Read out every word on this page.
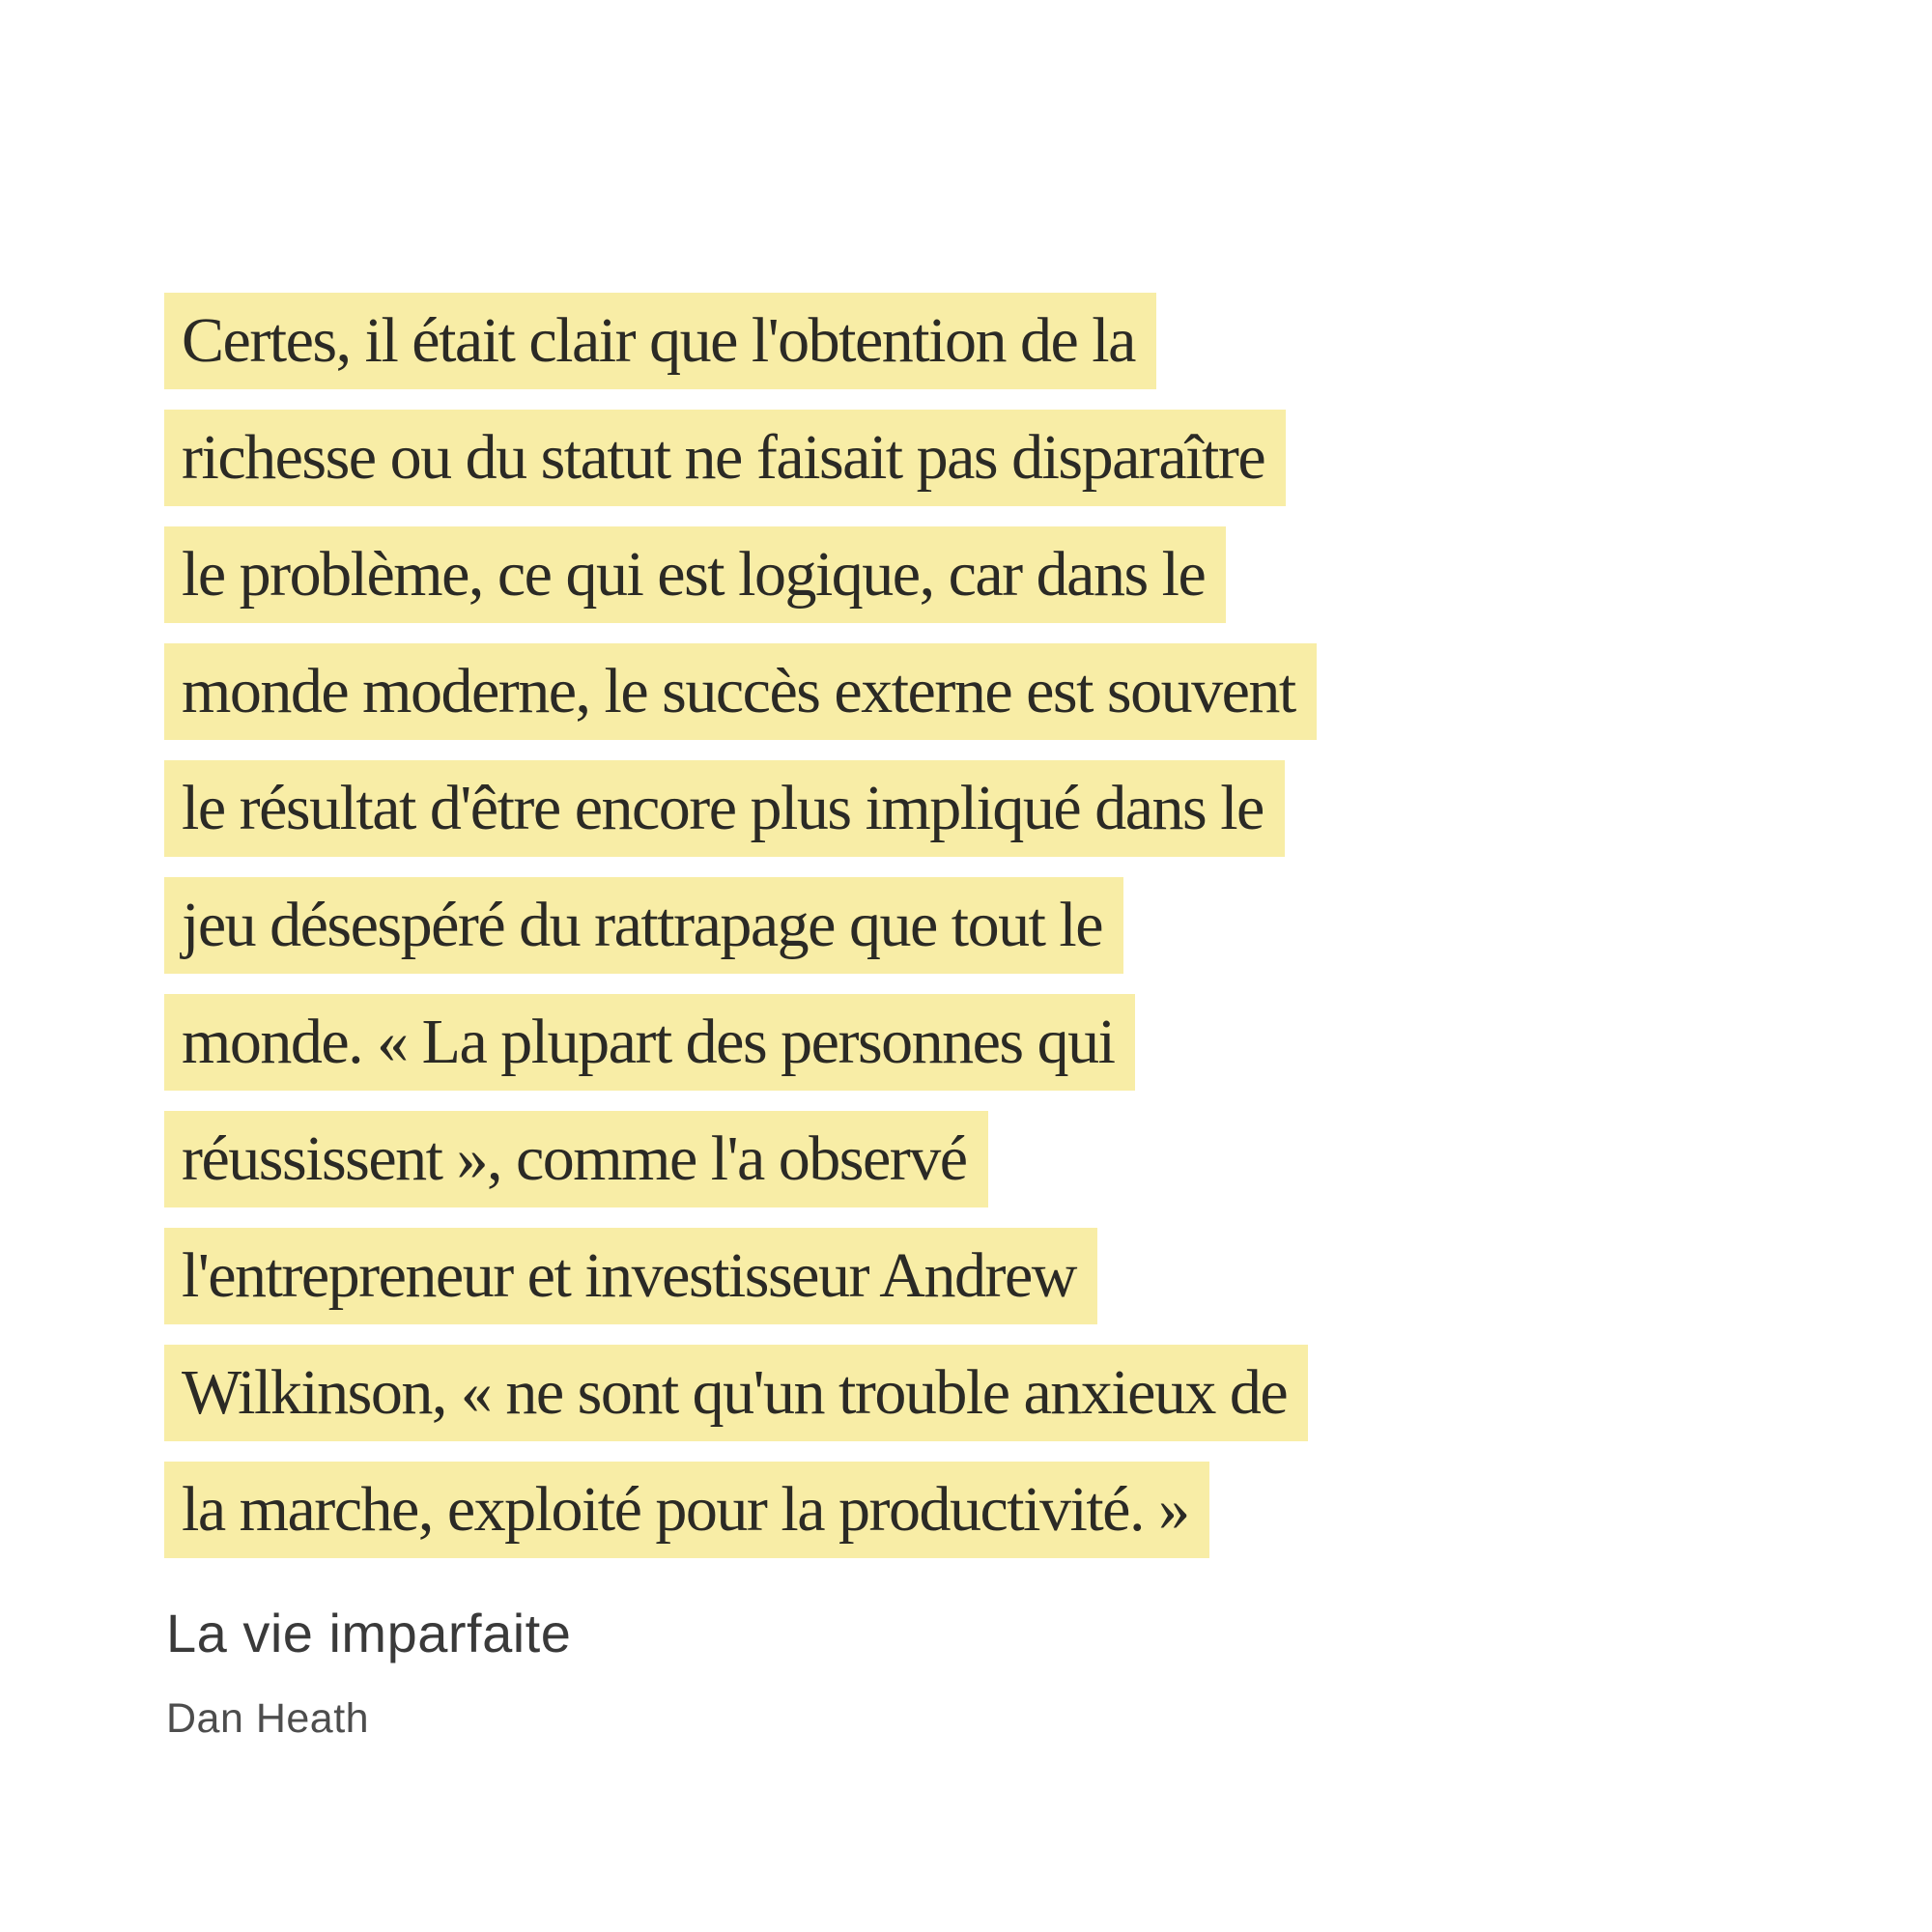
Certes, il était clair que l'obtention de la
richesse ou du statut ne faisait pas disparaître
le problème, ce qui est logique, car dans le
monde moderne, le succès externe est souvent
le résultat d'être encore plus impliqué dans le
jeu désespéré du rattrapage que tout le
monde. « La plupart des personnes qui
réussissent », comme l'a observé
l'entrepreneur et investisseur Andrew
Wilkinson, « ne sont qu'un trouble anxieux de
la marche, exploité pour la productivité. »
La vie imparfaite
Dan Heath
